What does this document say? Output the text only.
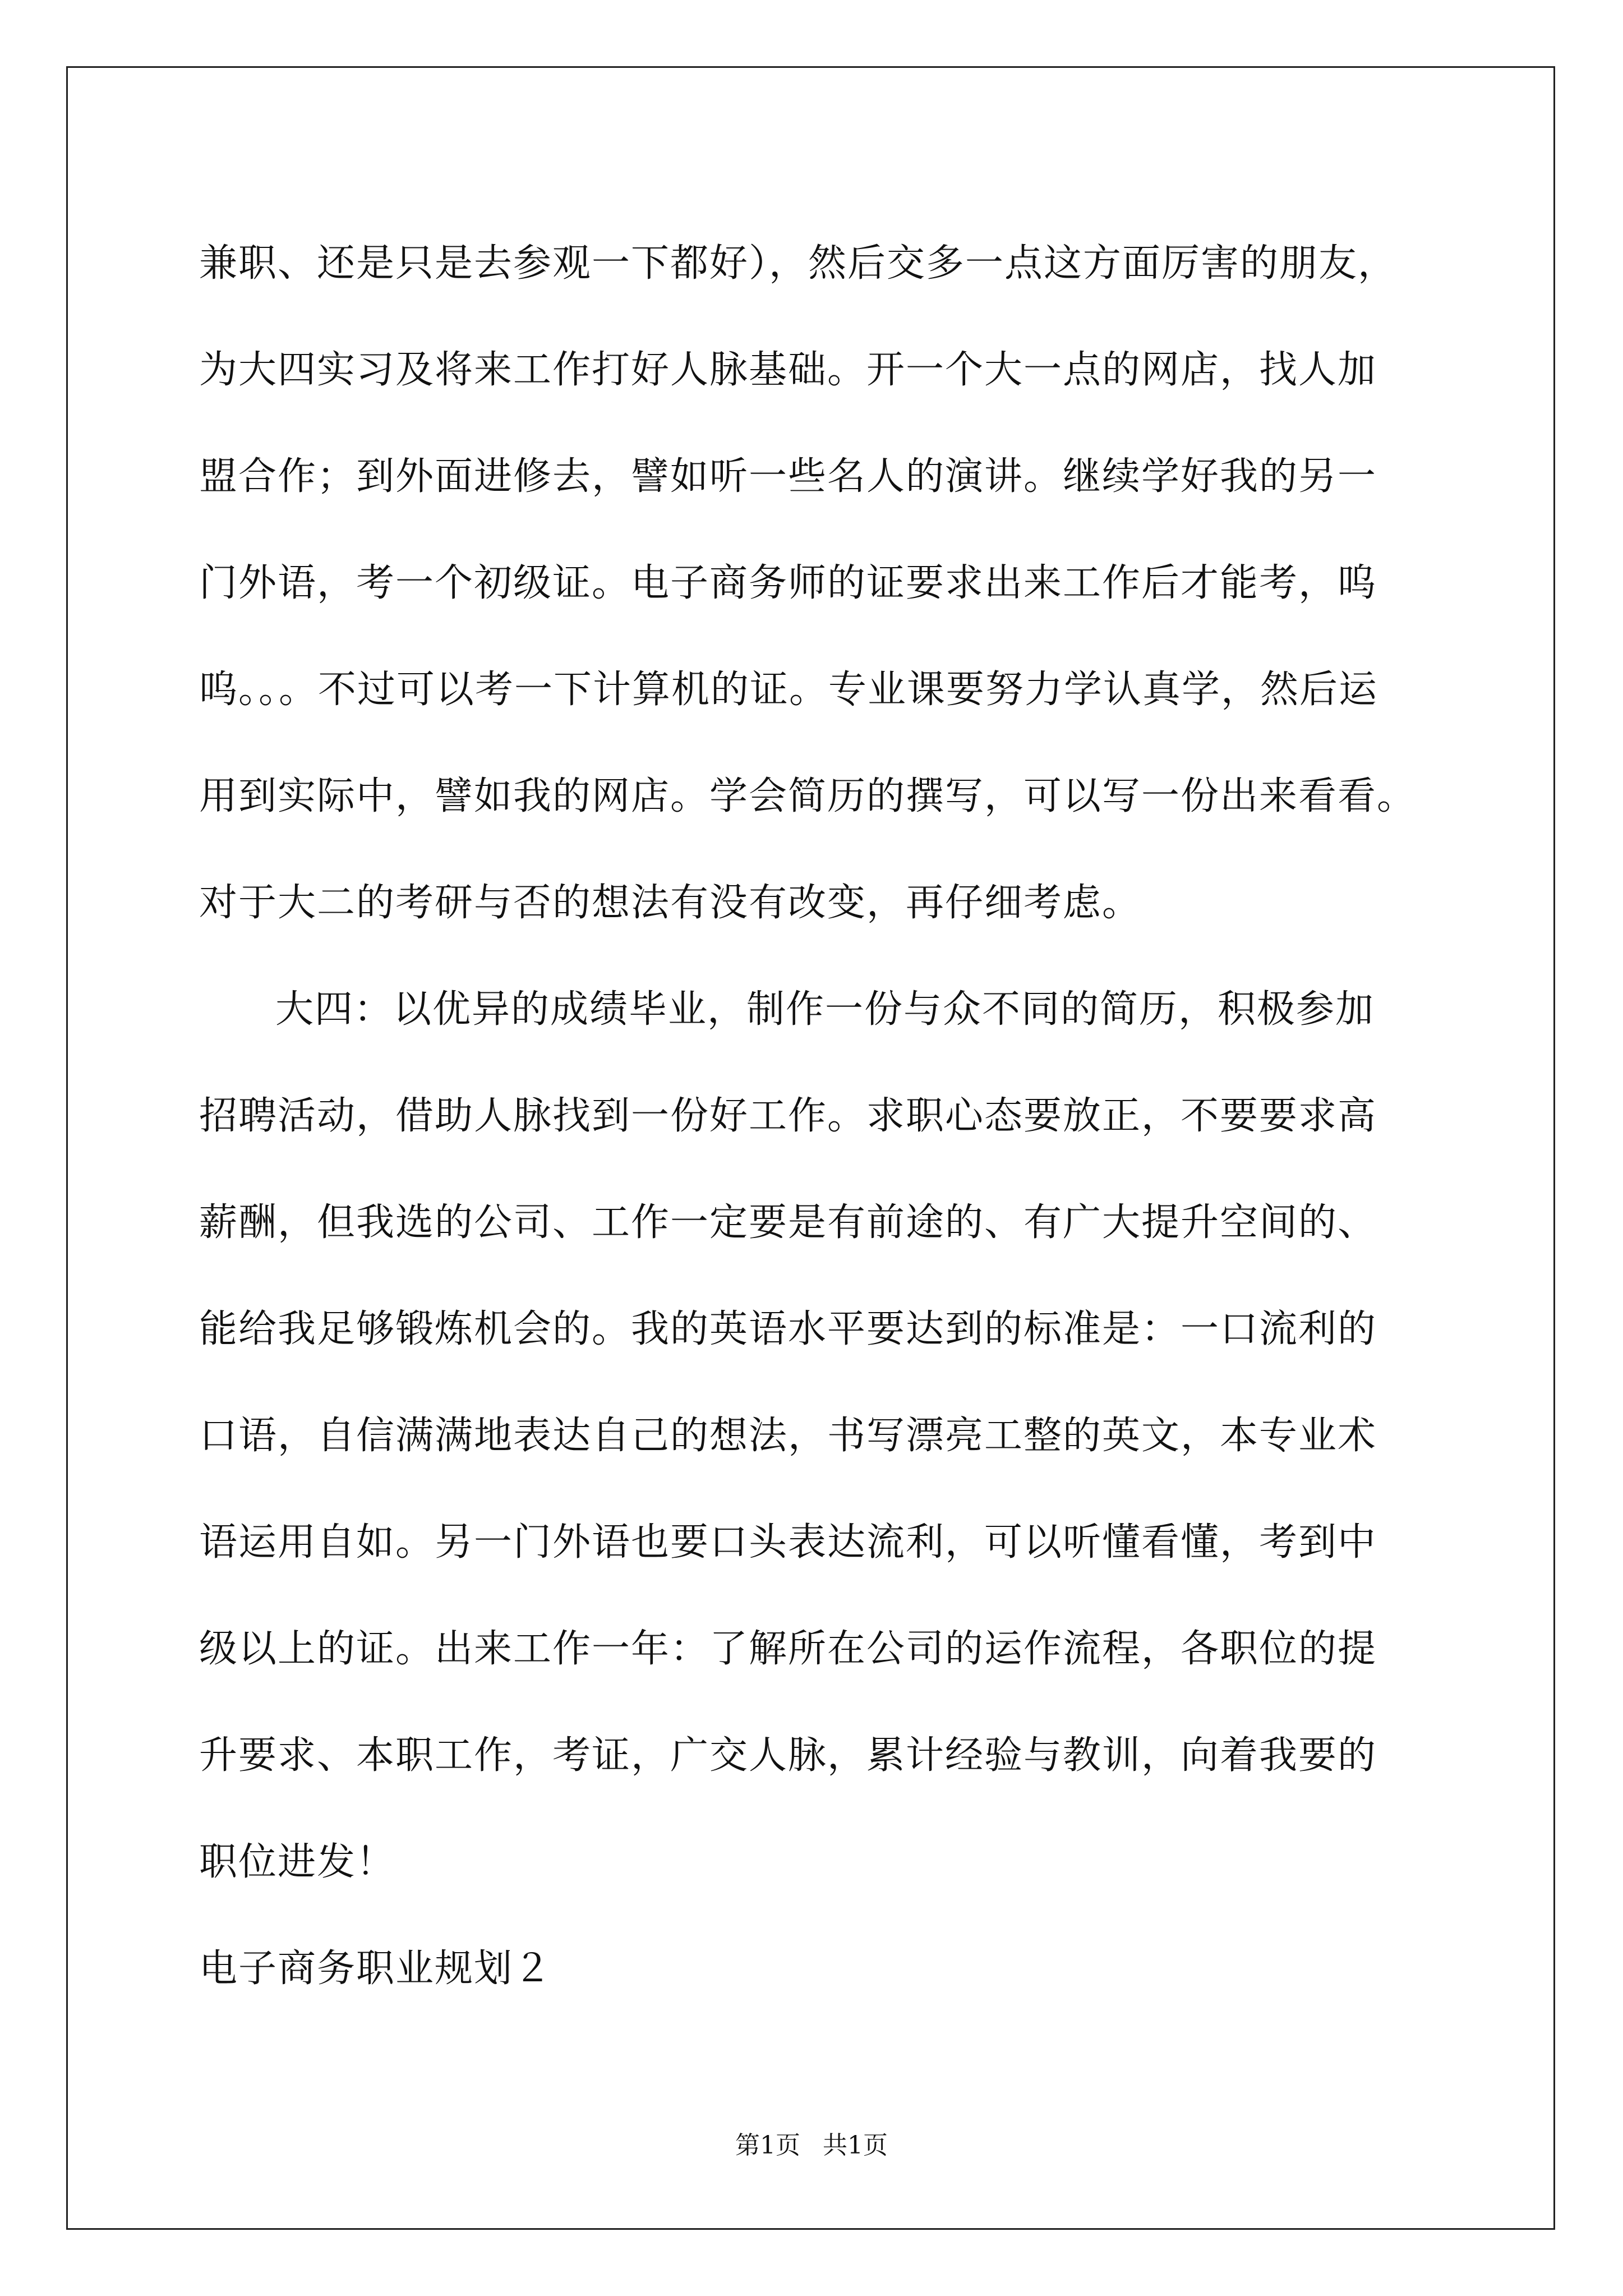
兼职、还是只是去参观一下都好），然后交多一点这方面厉害的朋友，
为大四实习及将来工作打好人脉基础。开一个大一点的网店，找人加
盟合作；到外面进修去，譬如听一些名人的演讲。继续学好我的另一
门外语，考一个初级证。电子商务师的证要求出来工作后才能考，呜
呜。。。不过可以考一下计算机的证。专业课要努力学认真学，然后运
用到实际中，譬如我的网店。学会简历的撰写，可以写一份出来看看。
对于大二的考研与否的想法有没有改变，再仔细考虑。
大四：以优异的成绩毕业，制作一份与众不同的简历，积极参加
招聘活动，借助人脉找到一份好工作。求职心态要放正，不要要求高
薪酬，但我选的公司、工作一定要是有前途的、有广大提升空间的、
能给我足够锻炼机会的。我的英语水平要达到的标准是：一口流利的
口语，自信满满地表达自己的想法，书写漂亮工整的英文，本专业术
语运用自如。另一门外语也要口头表达流利，可以听懂看懂，考到中
级以上的证。出来工作一年：了解所在公司的运作流程，各职位的提
升要求、本职工作，考证，广交人脉，累计经验与教训，向着我要的
职位进发！
电子商务职业规划２
第1页 共1页
